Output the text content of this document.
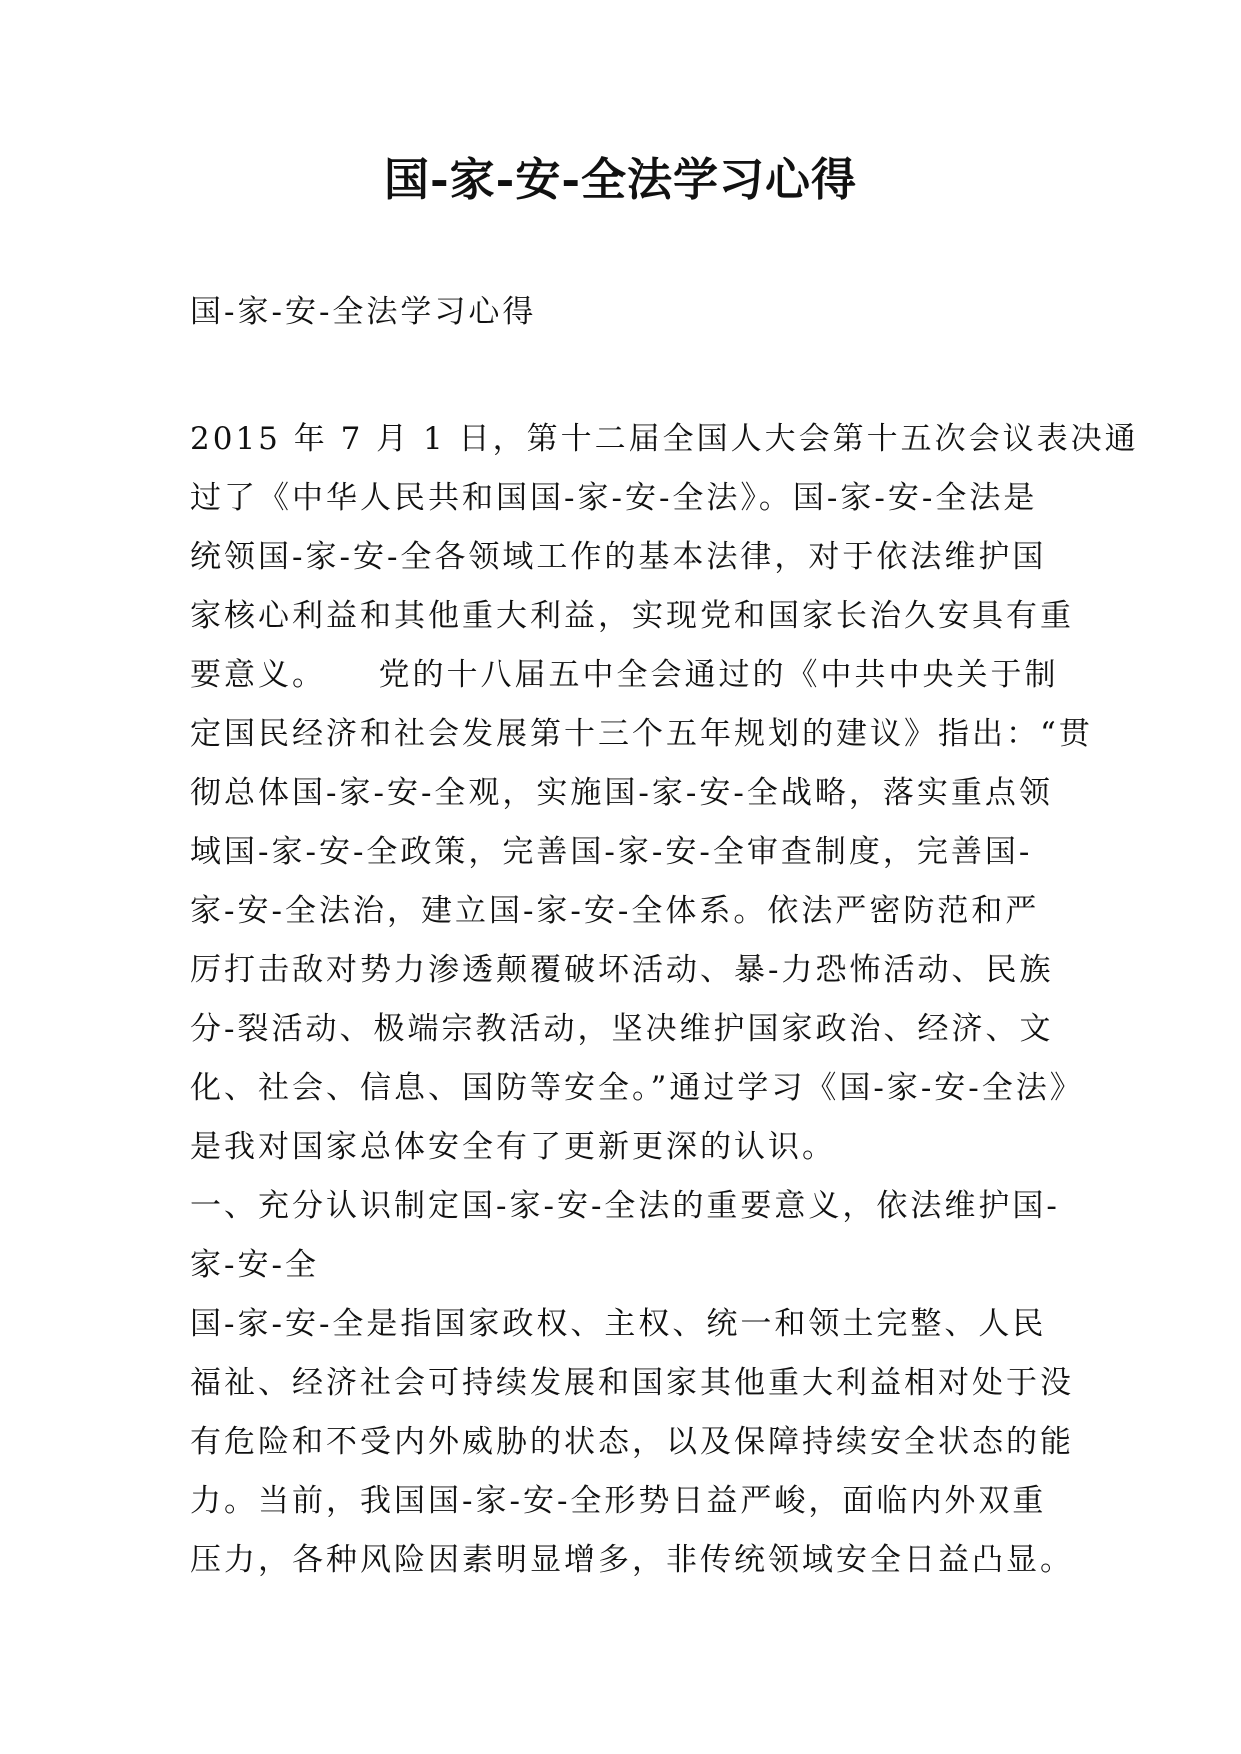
国-家-安-全法学习心得

国-家-安-全法学习心得

2015 年 7 月 1 日，第十二届全国人大会第十五次会议表决通
过了《中华人民共和国国-家-安-全法》。国-家-安-全法是
统领国-家-安-全各领域工作的基本法律，对于依法维护国
家核心利益和其他重大利益，实现党和国家长治久安具有重
要意义。　　党的十八届五中全会通过的《中共中央关于制
定国民经济和社会发展第十三个五年规划的建议》指出：“贯
彻总体国-家-安-全观，实施国-家-安-全战略，落实重点领
域国-家-安-全政策，完善国-家-安-全审查制度，完善国-
家-安-全法治，建立国-家-安-全体系。依法严密防范和严
厉打击敌对势力渗透颠覆破坏活动、暴-力恐怖活动、民族
分-裂活动、极端宗教活动，坚决维护国家政治、经济、文
化、社会、信息、国防等安全。”通过学习《国-家-安-全法》
是我对国家总体安全有了更新更深的认识。
一、充分认识制定国-家-安-全法的重要意义，依法维护国-
家-安-全
国-家-安-全是指国家政权、主权、统一和领土完整、人民
福祉、经济社会可持续发展和国家其他重大利益相对处于没
有危险和不受内外威胁的状态，以及保障持续安全状态的能
力。当前，我国国-家-安-全形势日益严峻，面临内外双重
压力，各种风险因素明显增多，非传统领域安全日益凸显。
